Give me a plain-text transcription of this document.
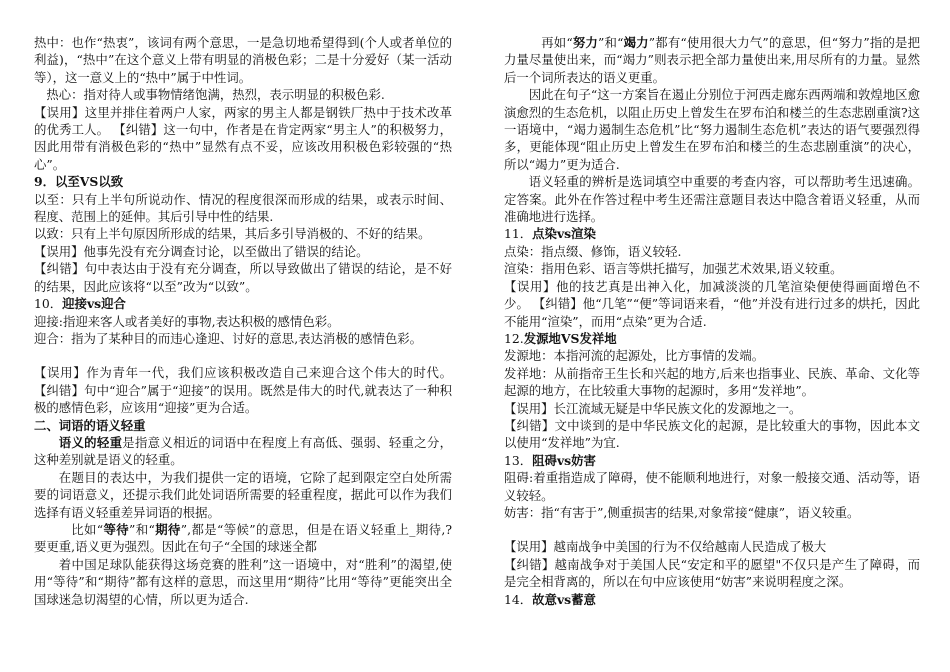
热中：也作“热衷”，该词有两个意思，一是急切地希望得到(个人或者单位的利益)，“热中”在这个意义上带有明显的消极色彩；二是十分爱好（某一活动等），这一意义上的“热中”属于中性词。

热心：指对待人或事物情绪饱满，热烈，表示明显的积极色彩.

【误用】这里并排住着两户人家，两家的男主人都是钢铁厂热中于技术改革的优秀工人。 【纠错】这一句中，作者是在肯定两家“男主人”的积极努力，因此用带有消极色彩的“热中”显然有点不妥，应该改用积极色彩较强的“热心”。

9．以至VS以致

以至：只有上半句所说动作、情况的程度很深而形成的结果，或表示时间、程度、范围上的延伸。其后引导中性的结果.

以致：只有上半句原因所形成的结果，其后多引导消极的、不好的结果。

【误用】他事先没有充分调查讨论，以至做出了错误的结论。

【纠错】句中表达由于没有充分调查，所以导致做出了错误的结论，是不好的结果，因此应该将“以至”改为“以致”。

10．迎接vs迎合

迎接:指迎来客人或者美好的事物,表达积极的感情色彩。

迎合：指为了某种目的而违心逢迎、讨好的意思,表达消极的感情色彩。

【误用】作为青年一代，我们应该积极改造自己来迎合这个伟大的时代。 【纠错】句中“迎合”属于“迎接”的误用。既然是伟大的时代,就表达了一种积极的感情色彩，应该用“迎接”更为合适。

二、词语的语义轻重

语义的轻重是指意义相近的词语中在程度上有高低、强弱、轻重之分，这种差别就是语义的轻重。

在题目的表达中，为我们提供一定的语境，它除了起到限定空白处所需要的词语意义，还提示我们此处词语所需要的轻重程度，据此可以作为我们选择有语义轻重差异词语的根据。

比如“等待”和“期待”,都是“等候”的意思，但是在语义轻重上_期待,?要更重,语义更为强烈。因此在句子“全国的球迷全都

着中国足球队能获得这场竞赛的胜利”这一语境中，对“胜利”的渴望,使用“等待”和“期待”都有这样的意思，而这里用“期待”比用“等待”更能突出全国球迷急切渴望的心情，所以更为适合.

再如“努力”和“竭力”都有“使用很大力气”的意思，但“努力”指的是把力量尽量使出来，而“竭力”则表示把全部力量使出来,用尽所有的力量。显然后一个词所表达的语义更重。

因此在句子“这一方案旨在遏止分别位于河西走廊东西两端和敦煌地区愈演愈烈的生态危机，以阻止历史上曾发生在罗布泊和楼兰的生态悲剧重演?这一语境中，“竭力遏制生态危机”比“努力遏制生态危机”表达的语气要强烈得多，更能体现“阻止历史上曾发生在罗布泊和楼兰的生态悲剧重演”的决心，所以“竭力”更为适合.

语义轻重的辨析是选词填空中重要的考查内容，可以帮助考生迅速确。定答案。此外在作答过程中考生还需注意题目表达中隐含着语义轻重，从而准确地进行选择。

11．点染vs渲染

点染：指点缀、修饰，语义较轻.

渲染：指用色彩、语言等烘托描写，加强艺术效果,语义较重。

【误用】他的技艺真是出神入化，加减淡淡的几笔渲染便使得画面增色不少。 【纠错】他“几笔”“便”等词语来看，“他”并没有进行过多的烘托，因此不能用“渲染”，而用“点染”更为合适.

12.发源地VS发祥地

发源地：本指河流的起源处，比方事情的发端。

发祥地：从前指帝王生长和兴起的地方,后来也指事业、民族、革命、文化等起源的地方，在比较重大事物的起源时，多用“发祥地”。

【误用】长江流域无疑是中华民族文化的发源地之一。

【纠错】文中谈到的是中华民族文化的起源，是比较重大的事物，因此本文以使用“发祥地”为宜.

13．阻碍vs妨害

阻碍:着重指造成了障碍，使不能顺利地进行，对象一般接交通、活动等，语义较轻。

妨害：指“有害于”,侧重损害的结果,对象常接“健康”，语义较重。

【误用】越南战争中美国的行为不仅给越南人民造成了极大

【纠错】越南战争对于美国人民“安定和平的愿望"不仅只是产生了障碍，而是完全相背离的，所以在句中应该使用“妨害”来说明程度之深。

14．故意vs蓄意
